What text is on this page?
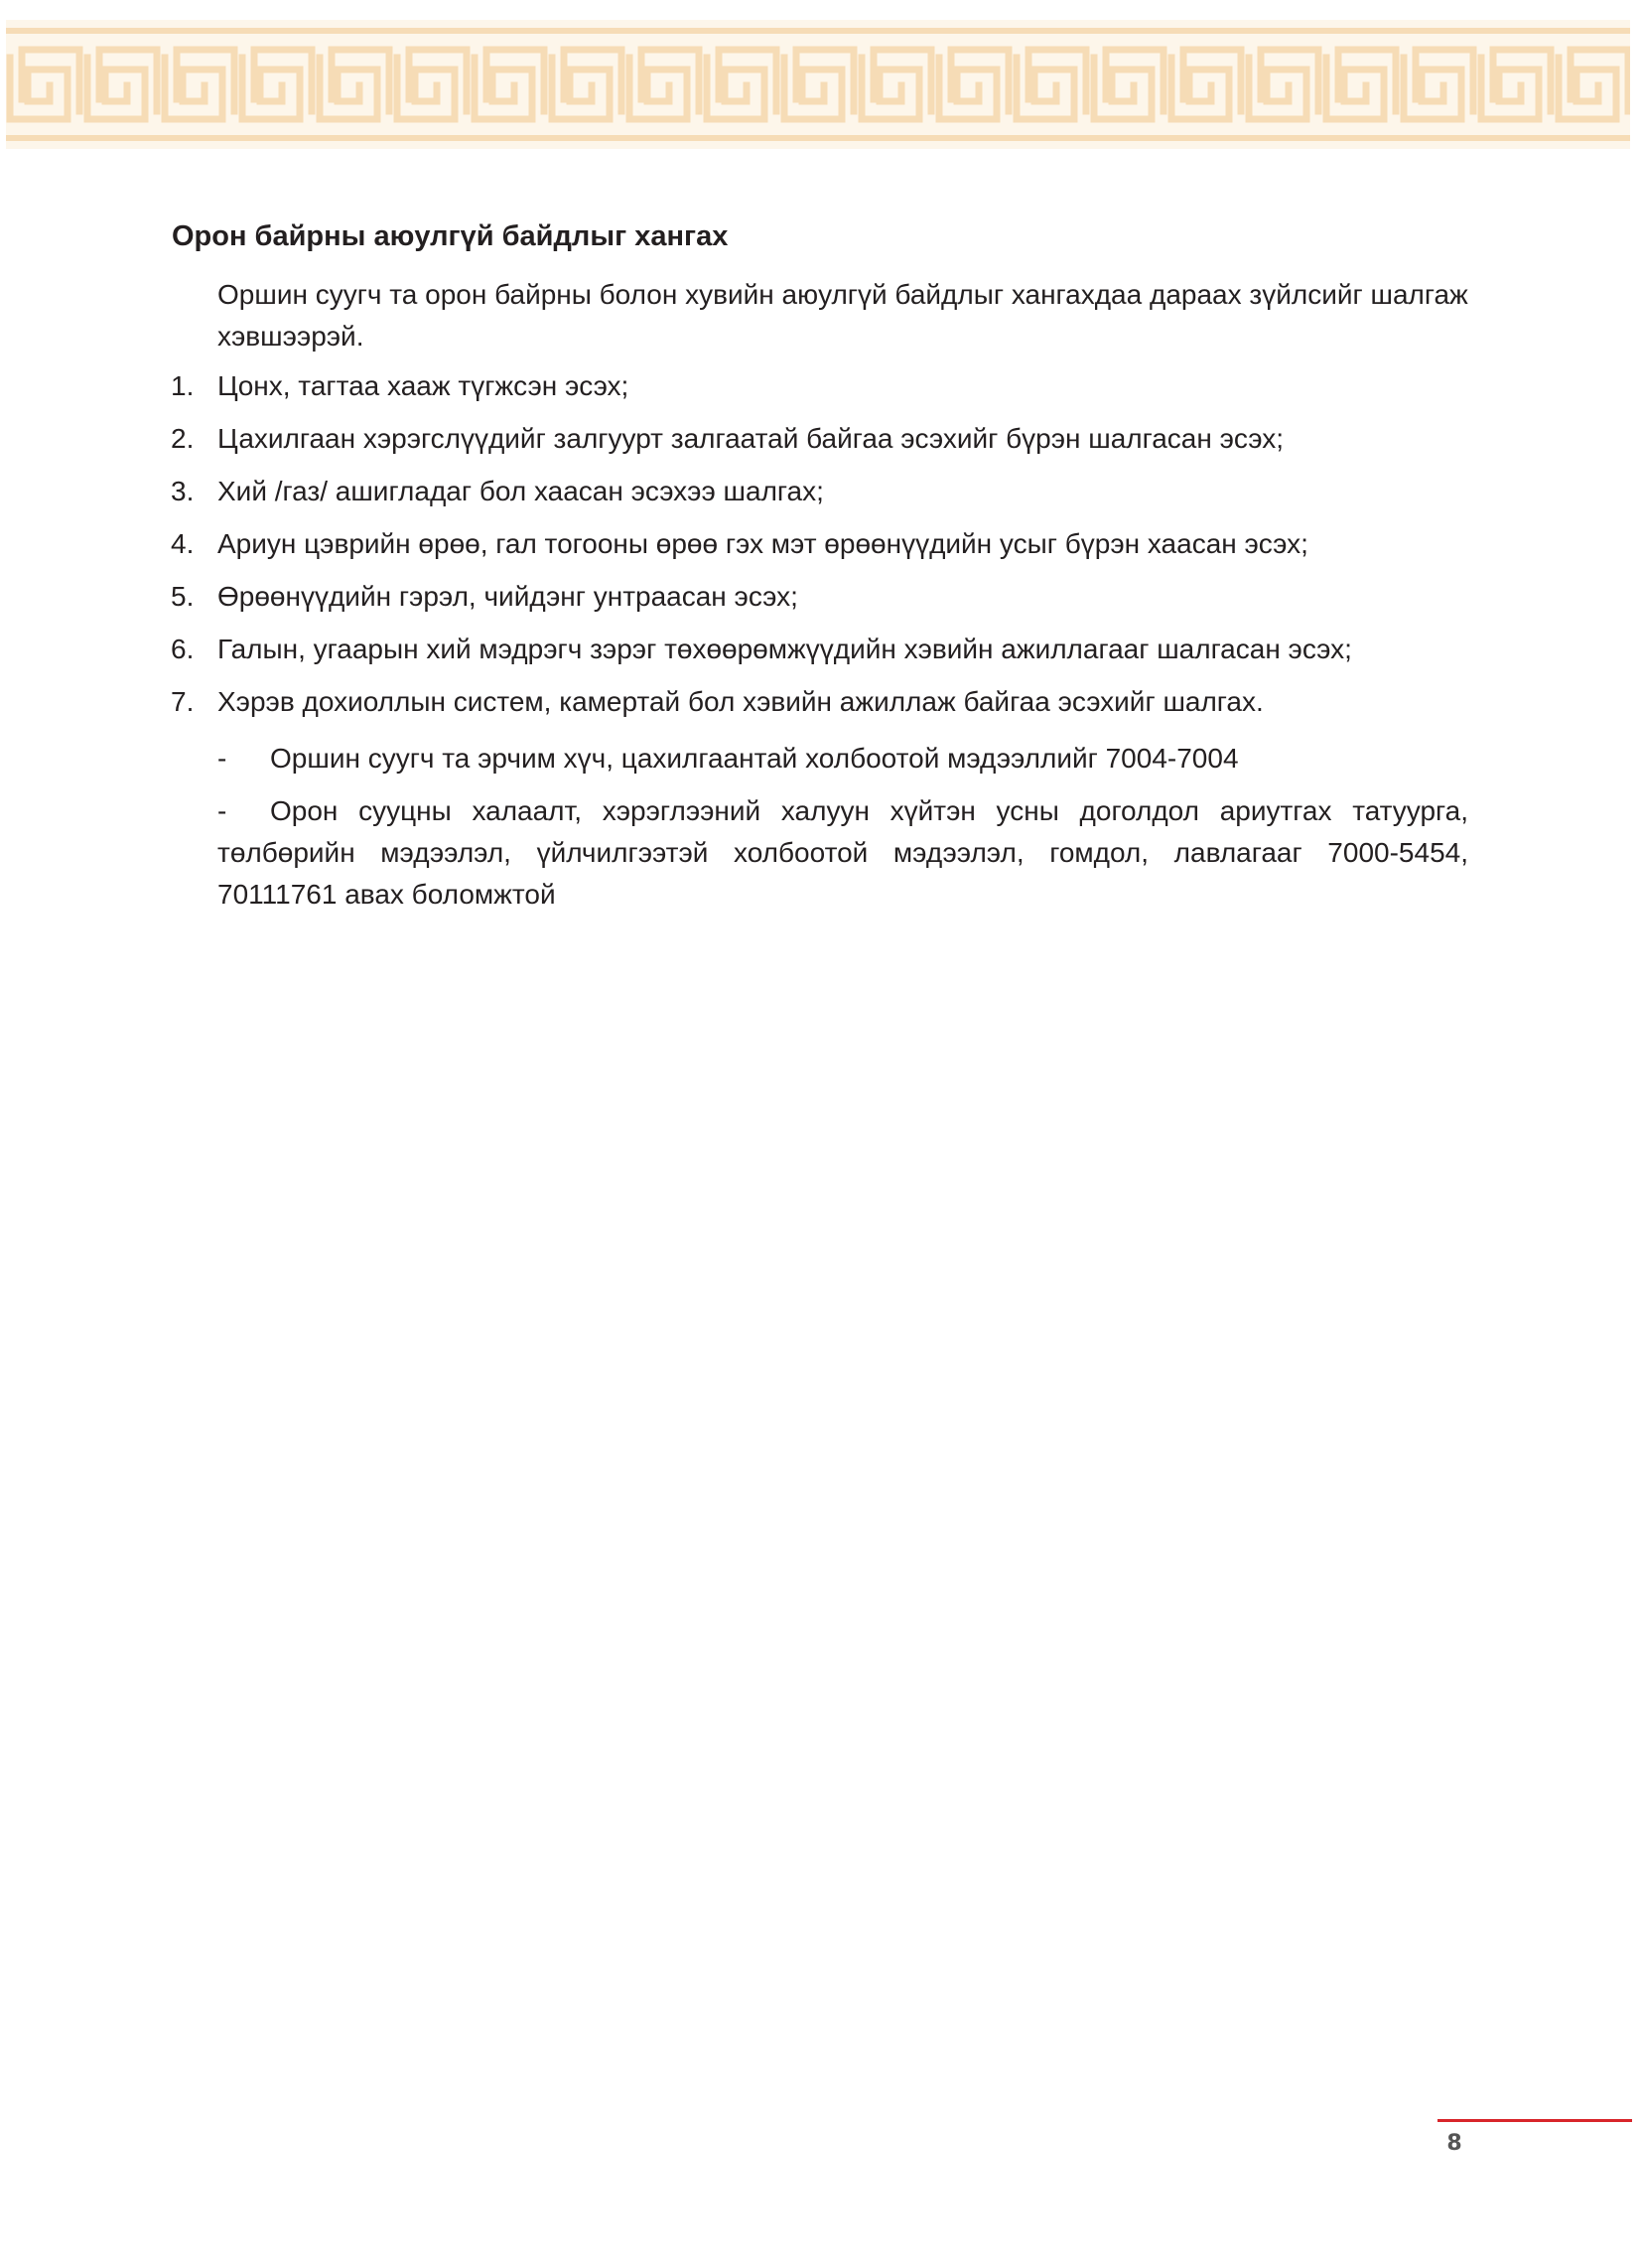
Орон байрны аюулгүй байдлыг хангах

Оршин суугч та орон байрны болон хувийн аюулгүй байдлыг хангахдаа дараах зүйлсийг шалгаж хэвшээрэй.

1. Цонх, тагтаа хааж түгжсэн эсэх;
2. Цахилгаан хэрэгслүүдийг залгуурт залгаатай байгаа эсэхийг бүрэн шалгасан эсэх;
3. Хий /газ/ ашигладаг бол хаасан эсэхээ шалгах;
4. Ариун цэврийн өрөө, гал тогооны өрөө гэх мэт өрөөнүүдийн усыг бүрэн хаасан эсэх;
5. Өрөөнүүдийн гэрэл, чийдэнг унтраасан эсэх;
6. Галын, угаарын хий мэдрэгч зэрэг төхөөрөмжүүдийн хэвийн ажиллагааг шалгасан эсэх;
7. Хэрэв дохиоллын систем, камертай бол хэвийн ажиллаж байгаа эсэхийг шалгах.

- Оршин суугч та эрчим хүч, цахилгаантай холбоотой мэдээллийг 7004-7004

- Орон сууцны халаалт, хэрэглээний халуун хүйтэн усны доголдол ариутгах татуурга, төлбөрийн мэдээлэл, үйлчилгээтэй холбоотой мэдээлэл, гомдол, лавлагааг 7000-5454, 70111761 авах боломжтой

8
